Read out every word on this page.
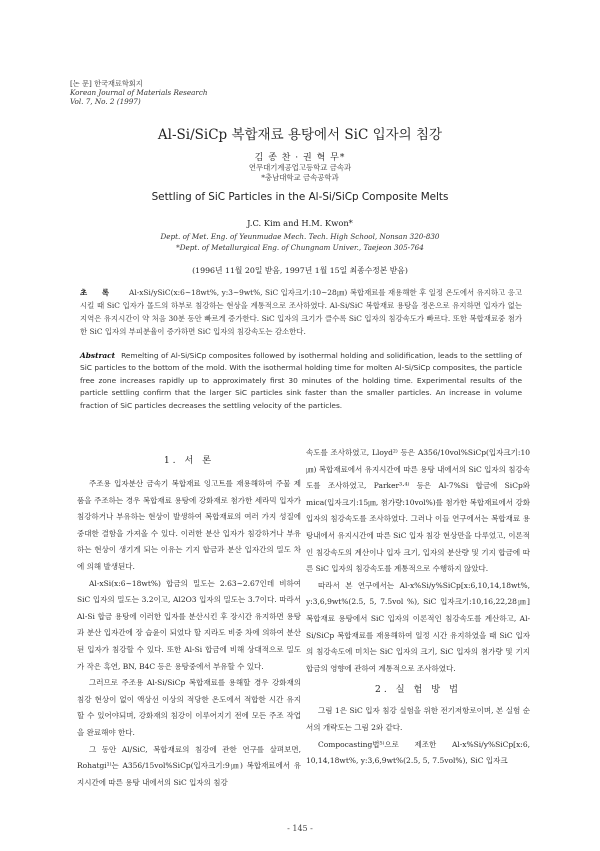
[논 문] 한국재료학회지
Korean Journal of Materials Research
Vol. 7, No. 2 (1997)
Al-Si/SiCp 복합재료 용탕에서 SiC 입자의 침강
김 종 찬 · 권 혁 무*
연무대기계공업고등학교 금속과
*충남대학교 금속공학과
Settling of SiC Particles in the Al-Si/SiCp Composite Melts
J.C. Kim and H.M. Kwon*
Dept. of Met. Eng. of Yeunmudae Mech. Tech. High School, Nonsan 320-830
*Dept. of Metallurgical Eng. of Chungnam Univer., Taejeon 305-764
(1996년 11월 20일 받음, 1997년 1월 15일 최종수정본 받음)
초 록 Al-xSi/ySiC(x:6~18wt%, y:3~9wt%, SiC 입자크기:10~28㎛) 복합재료를 재용해한 후 일정 온도에서 유지하고 응고시킬 때 SiC 입자가 몰드의 하부로 침강하는 현상을 계통적으로 조사하였다. Al-Si/SiC 복합재료 용탕을 정온으로 유지하면 입자가 없는 지역은 유지시간이 약 처음 30분 동안 빠르게 증가한다. SiC 입자의 크기가 클수록 SiC 입자의 침강속도가 빠르다. 또한 복합재료중 첨가한 SiC 입자의 부피분율이 증가하면 SiC 입자의 침강속도는 감소한다.
Abstract Remelting of Al-Si/SiCp composites followed by isothermal holding and solidification, leads to the settling of SiC particles to the bottom of the mold. With the isothermal holding time for molten Al-Si/SiCp composites, the particle free zone increases rapidly up to approximately first 30 minutes of the holding time. Experimental results of the particle settling confirm that the larger SiC particles sink faster than the smaller particles. An increase in volume fraction of SiC particles decreases the settling velocity of the particles.
1. 서 론

주조용 입자분산 금속기 복합재료 잉고트를 재용해하여 주물 제품을 주조하는 경우 복합재료 용탕에 강화재로 첨가한 세라믹 입자가 침강하거나 부유하는 현상이 발생하여 복합재료의 여러 가지 성질에 중대한 결함을 가져올 수 있다. 이러한 분산 입자가 침강하거나 부유하는 현상이 생기게 되는 이유는 기지 합금과 분산 입자간의 밀도 차에 의해 발생된다.

Al-xSi(x:6~18wt%) 합금의 밀도는 2.63~2.67인데 비하여 SiC 입자의 밀도는 3.2이고, Al2O3 입자의 밀도는 3.7이다. 따라서 Al-Si 합금 용탕에 이러한 입자를 분산시킨 후 장시간 유지하면 용탕과 분산 입자간에 장 습윤이 되었다 할 지라도 비중 차에 의하여 분산된 입자가 침강할 수 있다. 또한 Al-Si 합금에 비해 상대적으로 밀도가 작은 흑연, BN, B4C 등은 용탕중에서 부유할 수 있다.

그러므로 주조용 Al-Si/SiCp 복합재료를 용해할 경우 강화재의 침강 현상이 없이 액상선 이상의 적당한 온도에서 적합한 시간 유지할 수 있어야되며, 강화재의 침강이 이루어지기 전에 모든 주조 작업을 완료해야 한다.

그 동안 Al/SiC, 복합재료의 침강에 관한 연구를 살펴보면, Rohatgi¹⁾는 A356/15vol%SiCp(입자크기:9㎛) 복합재료에서 유지시간에 따른 용탕 내에서의 SiC 입자의 침강

속도를 조사하였고, Lloyd²⁾ 등은 A356/10vol%SiCp(입자크기:10㎛) 복합재료에서 유지시간에 따른 용탕 내에서의 SiC 입자의 침강속도를 조사하였고, Parker³·⁴⁾ 등은 Al-7%Si 합금에 SiCp와 mica(입자크기:15㎛, 첨가량:10vol%)를 첨가한 복합재료에서 강화 입자의 침강속도를 조사하였다. 그러나 이들 연구에서는 복합재료 용탕내에서 유지시간에 따른 SiC 입자 침강 현상만을 다루었고, 이론적인 침강속도의 계산이나 입자 크기, 입자의 분산량 및 기지 합금에 따른 SiC 입자의 침강속도를 계통적으로 수행하지 않았다.

따라서 본 연구에서는 Al-x%Si/y%SiCp[x:6,10,14,18wt%, y:3,6,9wt%(2.5, 5, 7.5vol %), SiC 입자크기:10,16,22,28㎛] 복합재료 용탕에서 SiC 입자의 이론적인 침강속도를 계산하고, Al-Si/SiCp 복합재료를 재용해하여 일정 시간 유지하였을 때 SiC 입자의 침강속도에 미치는 SiC 입자의 크기, SiC 입자의 첨가량 및 기지 합금의 영향에 관하여 계통적으로 조사하였다.

2. 실 험 방 법

그림 1은 SiC 입자 침강 실험을 위한 전기저항로이며, 본 실험 순서의 개략도는 그림 2와 같다.

Compocasting법⁵⁾으로 제조한 Al-x%Si/y%SiCp[x:6, 10,14,18wt%, y:3,6,9wt%(2.5, 5, 7.5vol%), SiC 입자크

- 145 -
